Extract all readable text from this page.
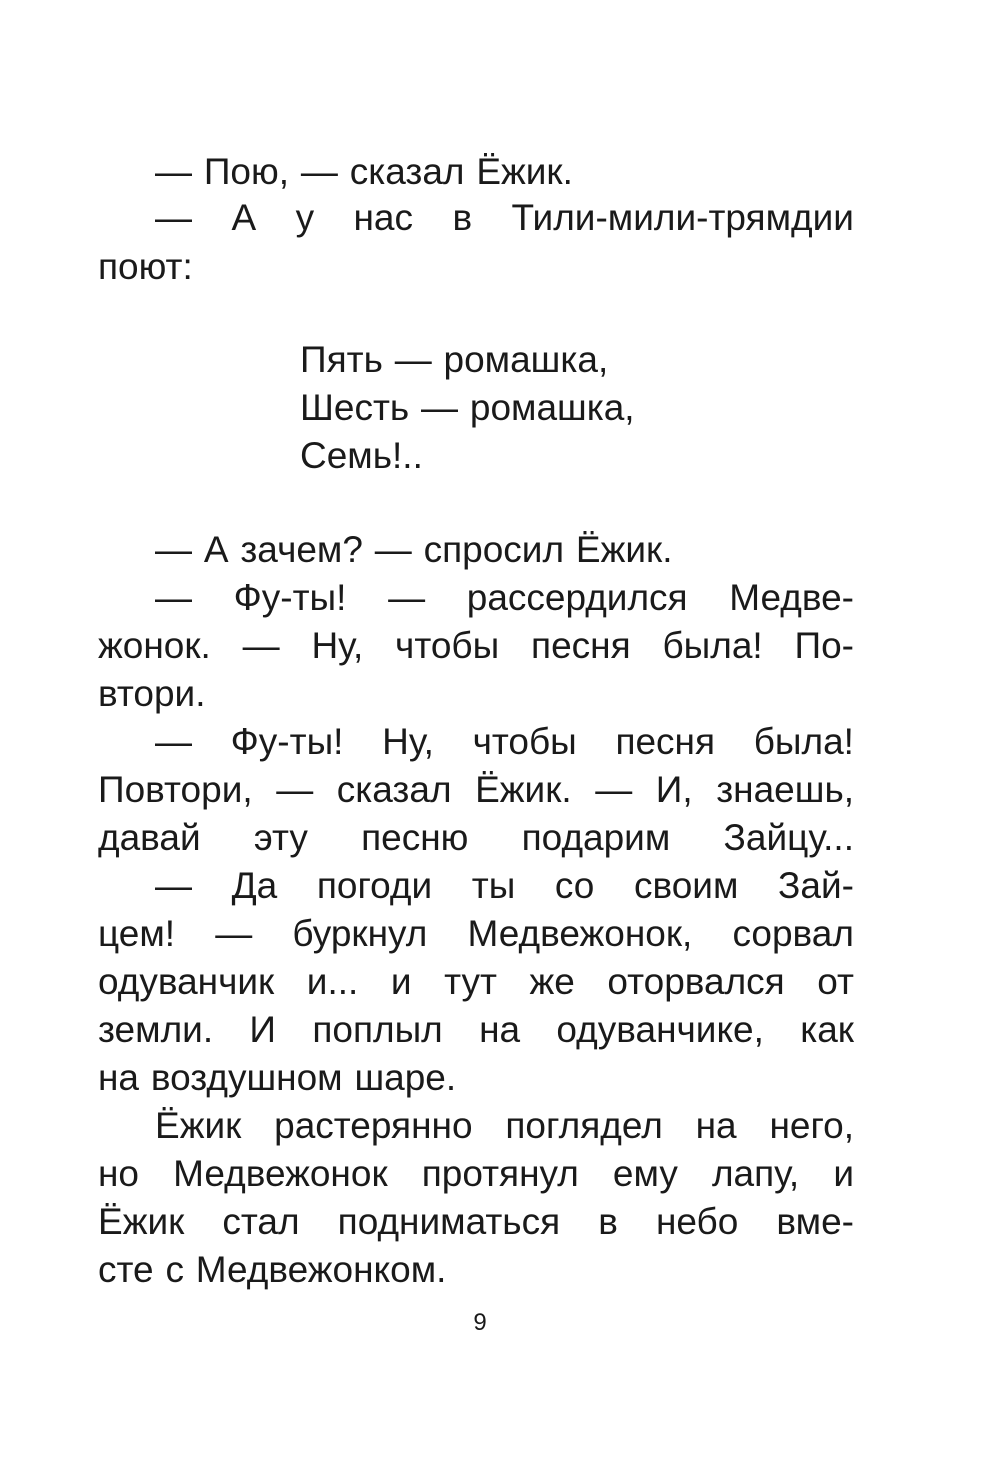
— Пою, — сказал Ёжик.
— А у нас в Тили-мили-трямдии
поют:
Пять — ромашка,
Шесть — ромашка,
Семь!..
— А зачем? — спросил Ёжик.
— Фу-ты! — рассердился Медве-
жонок. — Ну, чтобы песня была! По-
втори.
— Фу-ты! Ну, чтобы песня была!
Повтори, — сказал Ёжик. — И, знаешь,
давай эту песню подарим Зайцу...
— Да погоди ты со своим Зай-
цем! — буркнул Медвежонок, сорвал
одуванчик и... и тут же оторвался от
земли. И поплыл на одуванчике, как
на воздушном шаре.
Ёжик растерянно поглядел на него,
но Медвежонок протянул ему лапу, и
Ёжик стал подниматься в небо вме-
сте с Медвежонком.
9
